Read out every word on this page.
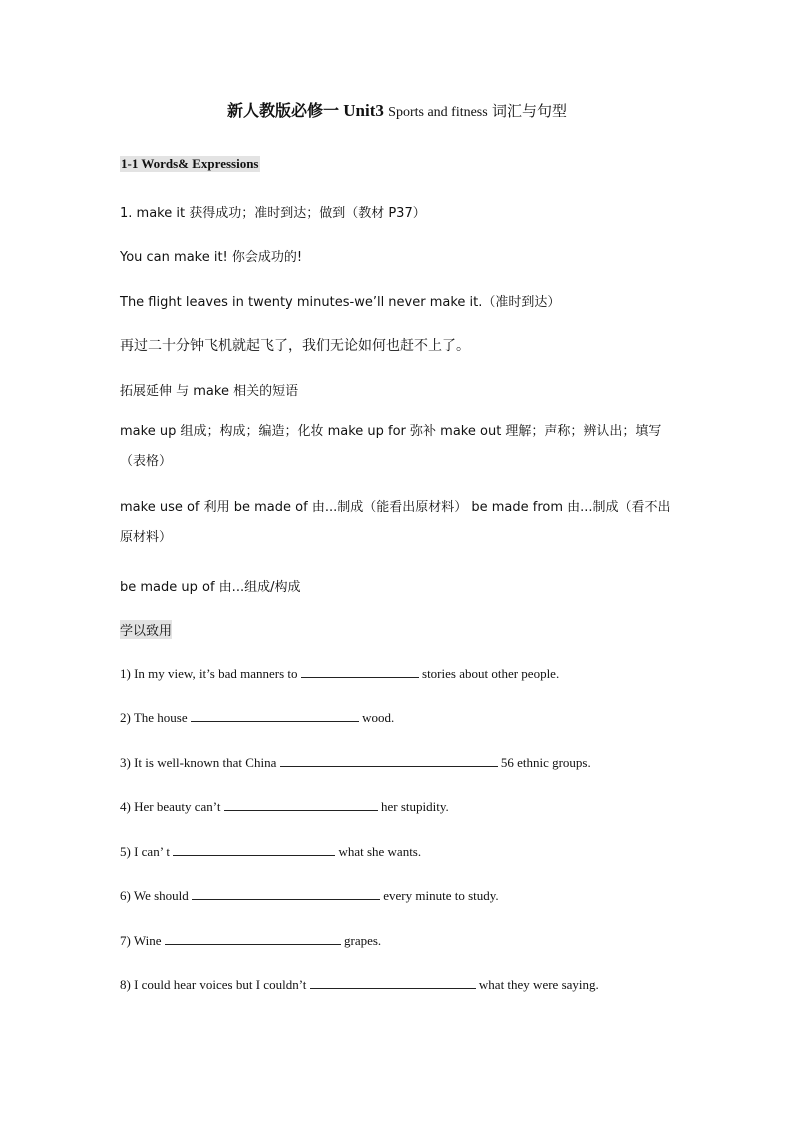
新人教版必修一 Unit3 Sports and fitness 词汇与句型
1-1 Words& Expressions
1. make it 获得成功；准时到达；做到（教材 P37）
You can make it! 你会成功的!
The flight leaves in twenty minutes-we’ll never make it.（准时到达）
再过二十分钟飞机就起飞了，我们无论如何也赶不上了。
拓展延伸 与 make 相关的短语
make up 组成；构成；编造；化妆 make up for 弥补 make out 理解；声称；辨认出；填写（表格）
make use of 利用 be made of 由...制成（能看出原材料） be made from 由...制成（看不出原材料）
be made up of 由...组成/构成
学以致用
1) In my view, it’s bad manners to	stories about other people.
2) The house	wood.
3) It is well-known that China	56 ethnic groups.
4) Her beauty can’t	her stupidity.
5) I can’ t	what she wants.
6) We should	every minute to study.
7) Wine	grapes.
8) I could hear voices but I couldn’t	what they were saying.
